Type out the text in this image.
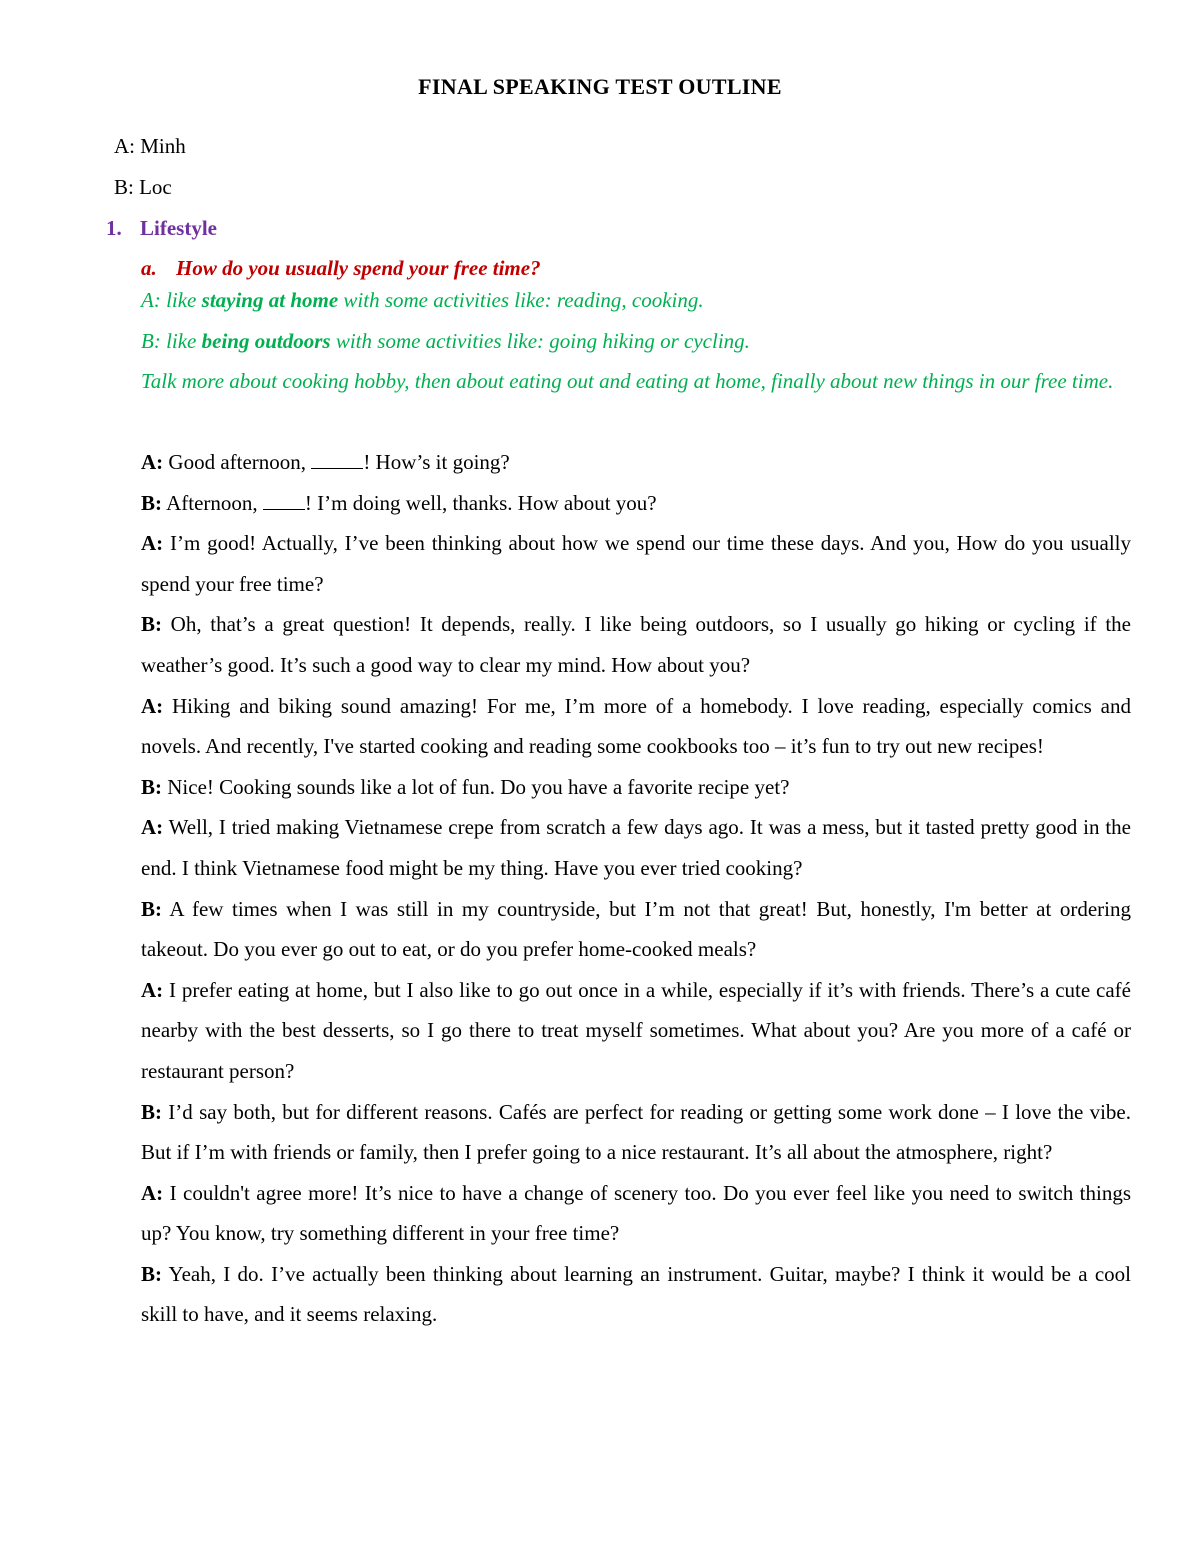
FINAL SPEAKING TEST OUTLINE
A: Minh
B: Loc
1. Lifestyle
a. How do you usually spend your free time?

A: like staying at home with some activities like: reading, cooking.

B: like being outdoors with some activities like: going hiking or cycling.

Talk more about cooking hobby, then about eating out and eating at home, finally about new things in our free time.

A: Good afternoon, ! How’s it going?

B: Afternoon, ! I’m doing well, thanks. How about you?

A: I’m good! Actually, I’ve been thinking about how we spend our time these days. And you, How do you usually spend your free time?

B: Oh, that’s a great question! It depends, really. I like being outdoors, so I usually go hiking or cycling if the weather’s good. It’s such a good way to clear my mind. How about you?

A: Hiking and biking sound amazing! For me, I’m more of a homebody. I love reading, especially comics and novels. And recently, I've started cooking and reading some cookbooks too – it’s fun to try out new recipes!

B: Nice! Cooking sounds like a lot of fun. Do you have a favorite recipe yet?

A: Well, I tried making Vietnamese crepe from scratch a few days ago. It was a mess, but it tasted pretty good in the end. I think Vietnamese food might be my thing. Have you ever tried cooking?

B: A few times when I was still in my countryside, but I’m not that great! But, honestly, I'm better at ordering takeout. Do you ever go out to eat, or do you prefer home-cooked meals?

A: I prefer eating at home, but I also like to go out once in a while, especially if it’s with friends. There’s a cute café nearby with the best desserts, so I go there to treat myself sometimes. What about you? Are you more of a café or restaurant person?

B: I’d say both, but for different reasons. Cafés are perfect for reading or getting some work done – I love the vibe. But if I’m with friends or family, then I prefer going to a nice restaurant. It’s all about the atmosphere, right?

A: I couldn't agree more! It’s nice to have a change of scenery too. Do you ever feel like you need to switch things up? You know, try something different in your free time?

B: Yeah, I do. I’ve actually been thinking about learning an instrument. Guitar, maybe? I think it would be a cool skill to have, and it seems relaxing.
